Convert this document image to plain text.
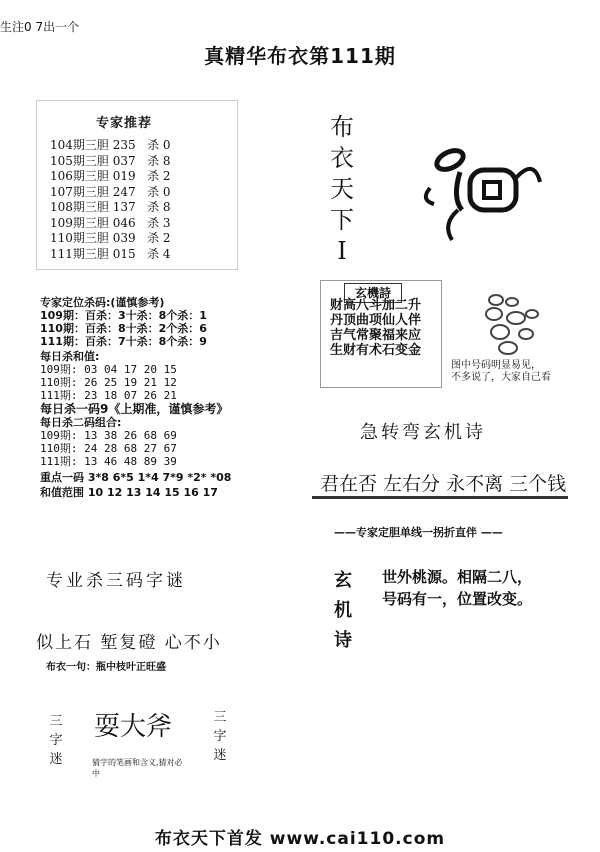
生注0 7出一个
真精华布衣第111期
专家推荐
104期三胆 235   杀 0
105期三胆 037   杀 8
106期三胆 019   杀 2
107期三胆 247   杀 0
108期三胆 137   杀 8
109期三胆 046   杀 3
110期三胆 039   杀 2
111期三胆 015   杀 4
专家定位杀码:(谨慎参考)
109期：百杀：3十杀：8个杀：1
110期：百杀：8十杀：2个杀：6
111期：百杀：7十杀：8个杀：9
每日杀和值:
109期: 03 04 17 20 15
110期: 26 25 19 21 12
111期: 23 18 07 26 21
每日杀一码9《上期准，谨慎参考》
每日杀二码组合:
109期: 13 38 26 68 69
110期: 24 28 68 27 67
111期: 13 46 48 89 39
重点一码 3*8 6*5 1*4 7*9 *2* *08
和值范围 10 12 13 14 15 16 17
布
衣
天
下
I
玄機詩
财高八斗加二升
丹顶曲项仙人伴
吉气常聚福来应
生财有术石变金
图中号码明显易见，
不多说了，大家自己看
急转弯玄机诗
君在否 左右分 永不离 三个钱
——专家定胆单线一拐折直伴 ——
玄
机
诗
世外桃源。相隔二八，
号码有一，位置改变。
专业杀三码字谜
似上石 堑复磴 心不小
布衣一句：瓶中枝叶正旺盛
三
字
迷
三
字
迷
耍大斧
猜字的笔画和含义,猜对必中
布衣天下首发 www.cai110.com
